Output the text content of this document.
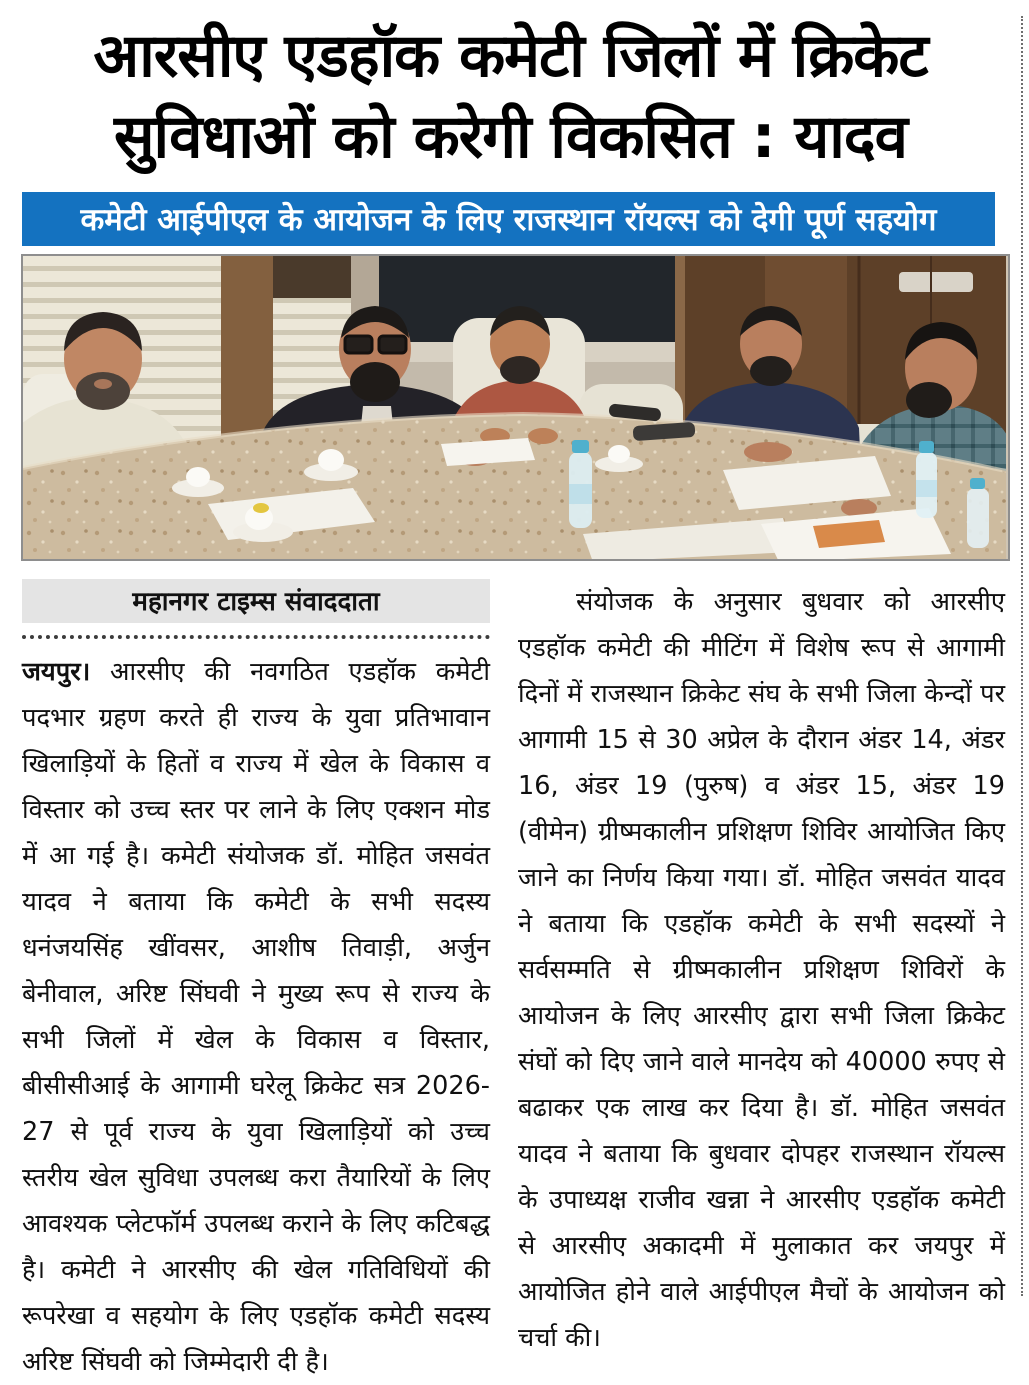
आरसीए एडहॉक कमेटी जिलों में क्रिकेट
सुविधाओं को करेगी विकसित : यादव
कमेटी आईपीएल के आयोजन के लिए राजस्थान रॉयल्स को देगी पूर्ण सहयोग
महानगर टाइम्स संवाददाता

जयपुर। आरसीए की नवगठित एडहॉक कमेटी पदभार ग्रहण करते ही राज्य के युवा प्रतिभावान खिलाड़ियों के हितों व राज्य में खेल के विकास व विस्तार को उच्च स्तर पर लाने के लिए एक्शन मोड में आ गई है। कमेटी संयोजक डॉ. मोहित जसवंत यादव ने बताया कि कमेटी के सभी सदस्य धनंजयसिंह खींवसर, आशीष तिवाड़ी, अर्जुन बेनीवाल, अरिष्ट सिंघवी ने मुख्य रूप से राज्य के सभी जिलों में खेल के विकास व विस्तार, बीसीसीआई के आगामी घरेलू क्रिकेट सत्र 2026-27 से पूर्व राज्य के युवा खिलाड़ियों को उच्च स्तरीय खेल सुविधा उपलब्ध करा तैयारियों के लिए आवश्यक प्लेटफॉर्म उपलब्ध कराने के लिए कटिबद्ध है। कमेटी ने आरसीए की खेल गतिविधियों की रूपरेखा व सहयोग के लिए एडहॉक कमेटी सदस्य अरिष्ट सिंघवी को जिम्मेदारी दी है।

संयोजक के अनुसार बुधवार को आरसीए एडहॉक कमेटी की मीटिंग में विशेष रूप से आगामी दिनों में राजस्थान क्रिकेट संघ के सभी जिला केन्दों पर आगामी 15 से 30 अप्रेल के दौरान अंडर 14, अंडर 16, अंडर 19 (पुरुष) व अंडर 15, अंडर 19 (वीमेन) ग्रीष्मकालीन प्रशिक्षण शिविर आयोजित किए जाने का निर्णय किया गया। डॉ. मोहित जसवंत यादव ने बताया कि एडहॉक कमेटी के सभी सदस्यों ने सर्वसम्मति से ग्रीष्मकालीन प्रशिक्षण शिविरों के आयोजन के लिए आरसीए द्वारा सभी जिला क्रिकेट संघों को दिए जाने वाले मानदेय को 40000 रुपए से बढाकर एक लाख कर दिया है। डॉ. मोहित जसवंत यादव ने बताया कि बुधवार दोपहर राजस्थान रॉयल्स के उपाध्यक्ष राजीव खन्ना ने आरसीए एडहॉक कमेटी से आरसीए अकादमी में मुलाकात कर जयपुर में आयोजित होने वाले आईपीएल मैचों के आयोजन को चर्चा की।
